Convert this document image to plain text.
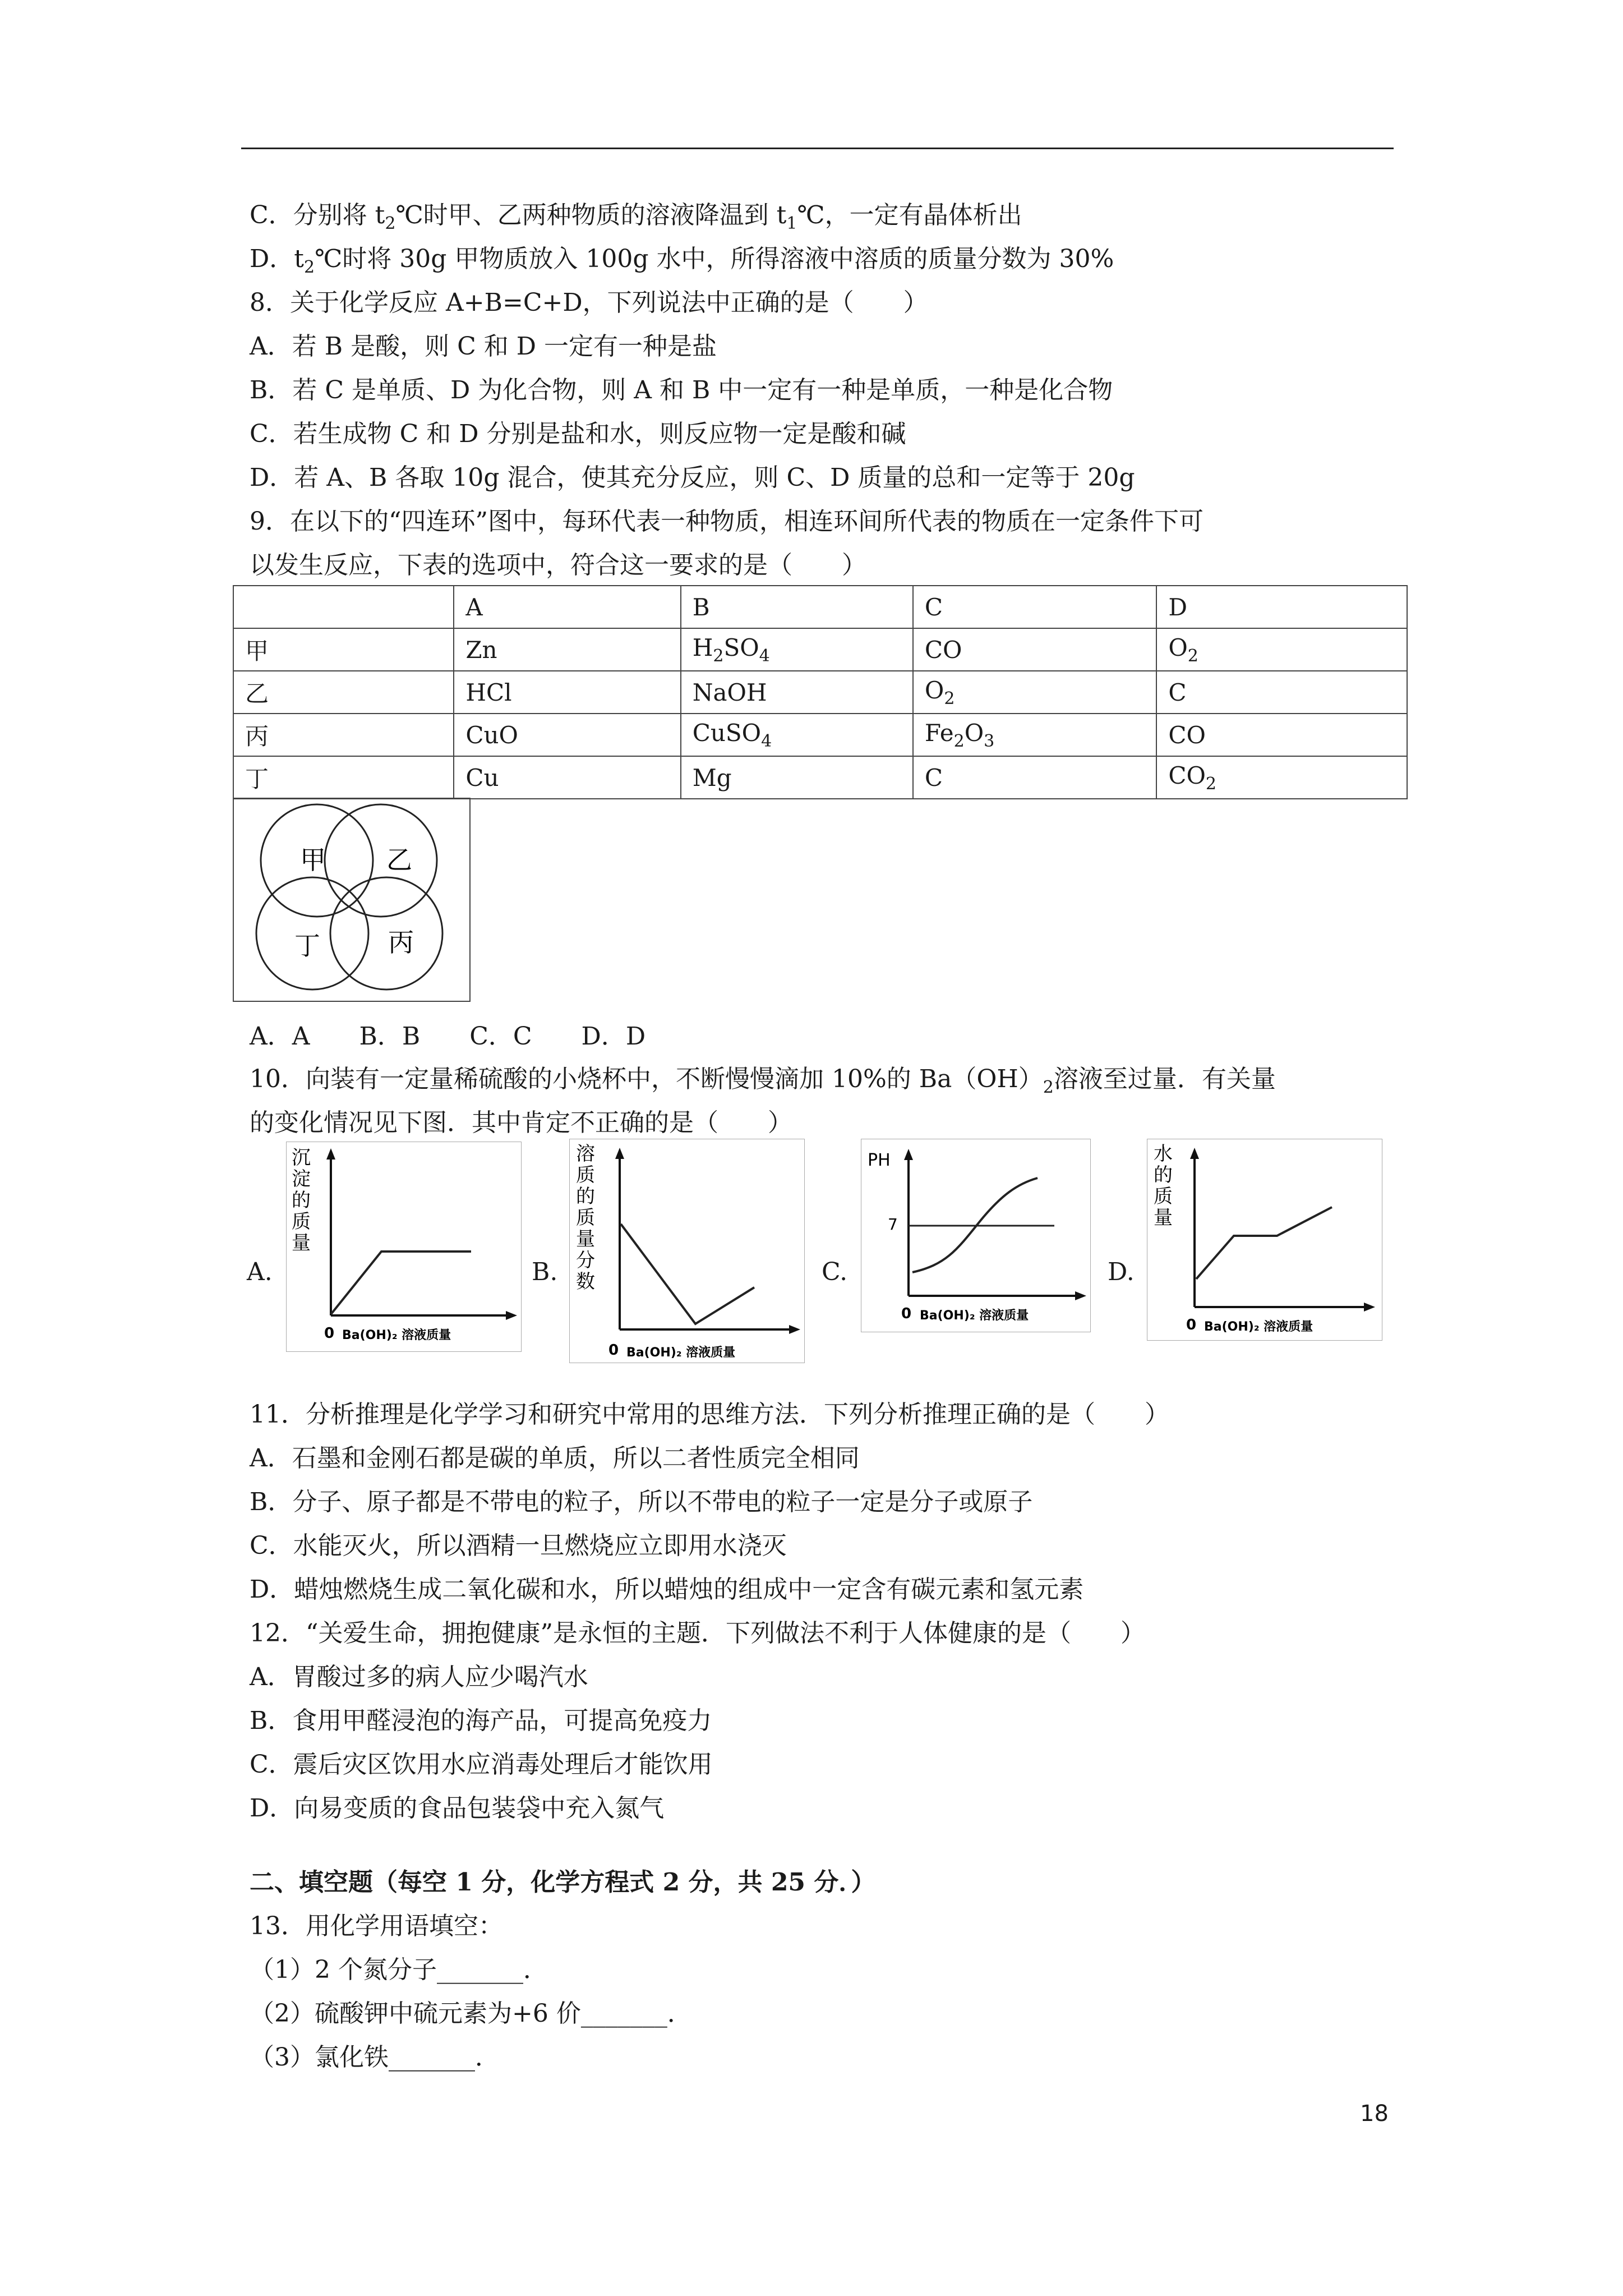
C．分别将 $t_2℃$时甲、乙两种物质的溶液降温到 $t_1℃$，一定有晶体析出
D．$t_2℃$时将 30g 甲物质放入 100g 水中，所得溶液中溶质的质量分数为 30%
8．关于化学反应 A+B=C+D，下列说法中正确的是（　　）
A．若 B 是酸，则 C 和 D 一定有一种是盐
B．若 C 是单质、D 为化合物，则 A 和 B 中一定有一种是单质，一种是化合物
C．若生成物 C 和 D 分别是盐和水，则反应物一定是酸和碱
D．若 A、B 各取 10g 混合，使其充分反应，则 C、D 质量的总和一定等于 20g
9．在以下的“四连环”图中，每环代表一种物质，相连环间所代表的物质在一定条件下可
以发生反应，下表的选项中，符合这一要求的是（　　）
	A	B	C	D
甲	Zn	$H_2SO_4$	CO	$O_2$
乙	HCl	NaOH	$O_2$	C
丙	CuO	CuSO$_4$	$Fe_2O_3$	CO
丁	Cu	Mg	C	$CO_2$
甲 乙
丁	丙
A．A　　B．B　　C．C　　D．D
10．向装有一定量稀硫酸的小烧杯中，不断慢慢滴加 10%的 $Ba(OH)_2$溶液至过量．有关量
的变化情况见下图．其中肯定不正确的是（　　）
A.
0 Ba(OH)₂ 溶液质量
沉淀的质量
B.
0 Ba(OH)₂ 溶液质量
溶质的质量分数	C.
PH
7
0 Ba(OH)₂ 溶液质量
D.
0 Ba(OH)₂ 溶液质量
水的质量
11．分析推理是化学学习和研究中常用的思维方法．下列分析推理正确的是（　　）
A．石墨和金刚石都是碳的单质，所以二者性质完全相同
B．分子、原子都是不带电的粒子，所以不带电的粒子一定是分子或原子
C．水能灭火，所以酒精一旦燃烧应立即用水浇灭
D．蜡烛燃烧生成二氧化碳和水，所以蜡烛的组成中一定含有碳元素和氢元素
12．“关爱生命，拥抱健康”是永恒的主题．下列做法不利于人体健康的是（　　）
A．胃酸过多的病人应少喝汽水
B．食用甲醛浸泡的海产品，可提高免疫力
C．震后灾区饮用水应消毒处理后才能饮用
D．向易变质的食品包装袋中充入氮气
二、填空题（每空 1 分，化学方程式 2 分，共 25 分．）
13．用化学用语填空：
（1）2 个氮分子_______．
（2）硫酸钾中硫元素为+6 价_______．
（3）氯化铁_______．
18
